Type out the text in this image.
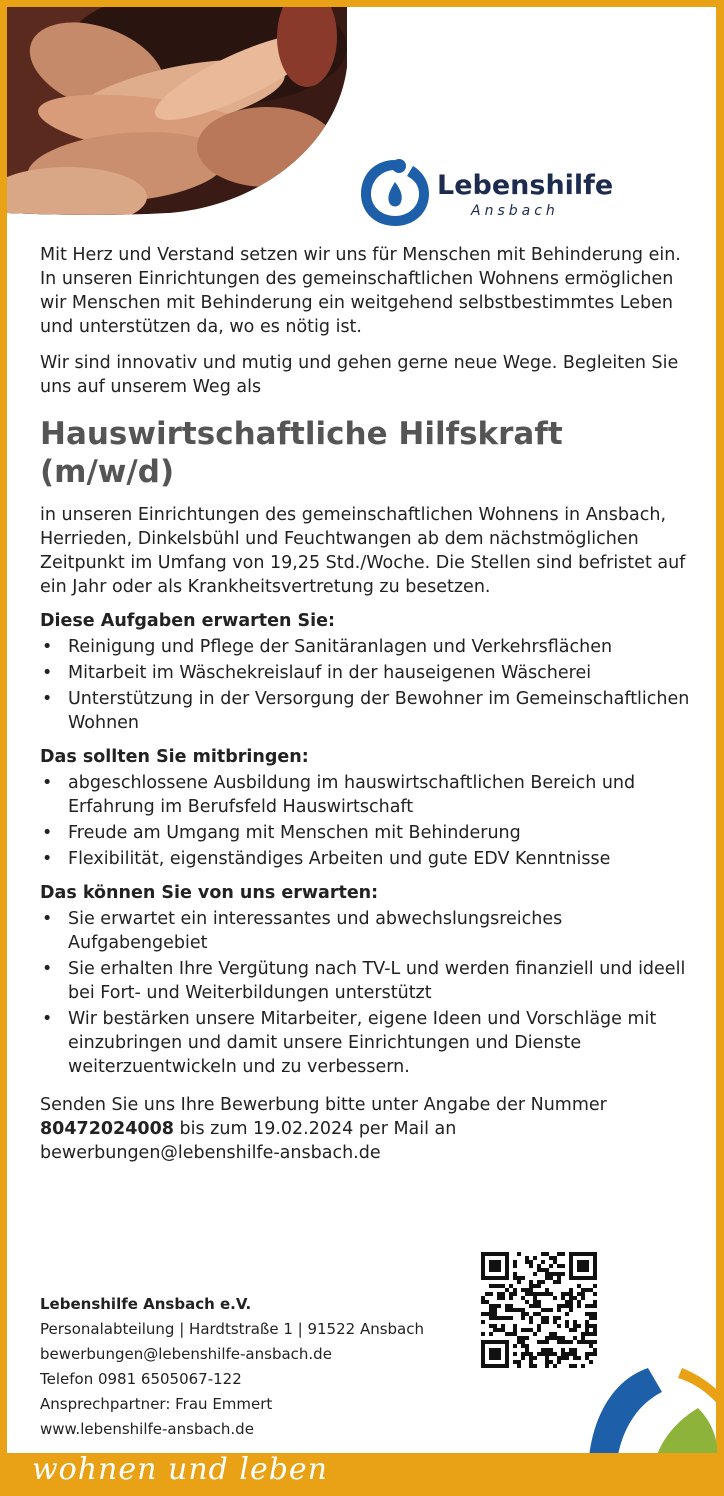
Lebenshilfe
Ansbach

Mit Herz und Verstand setzen wir uns für Menschen mit Behinderung ein. In unseren Einrichtungen des gemeinschaftlichen Wohnens ermöglichen wir Menschen mit Behinderung ein weitgehend selbstbestimmtes Leben und unterstützen da, wo es nötig ist.

Wir sind innovativ und mutig und gehen gerne neue Wege. Begleiten Sie uns auf unserem Weg als

Hauswirtschaftliche Hilfskraft (m/w/d)

in unseren Einrichtungen des gemeinschaftlichen Wohnens in Ansbach, Herrieden, Dinkelsbühl und Feuchtwangen ab dem nächstmöglichen Zeitpunkt im Umfang von 19,25 Std./Woche. Die Stellen sind befristet auf ein Jahr oder als Krankheitsvertretung zu besetzen.

Diese Aufgaben erwarten Sie:
• Reinigung und Pflege der Sanitäranlagen und Verkehrsflächen
• Mitarbeit im Wäschekreislauf in der hauseigenen Wäscherei
• Unterstützung in der Versorgung der Bewohner im Gemeinschaftlichen Wohnen
Das sollten Sie mitbringen:
• abgeschlossene Ausbildung im hauswirtschaftlichen Bereich und Erfahrung im Berufsfeld Hauswirtschaft
• Freude am Umgang mit Menschen mit Behinderung
• Flexibilität, eigenständiges Arbeiten und gute EDV Kenntnisse
Das können Sie von uns erwarten:
• Sie erwartet ein interessantes und abwechslungsreiches Aufgabengebiet
• Sie erhalten Ihre Vergütung nach TV-L und werden finanziell und ideell bei Fort- und Weiterbildungen unterstützt
• Wir bestärken unsere Mitarbeiter, eigene Ideen und Vorschläge mit einzubringen und damit unsere Einrichtungen und Dienste weiterzuentwickeln und zu verbessern.

Senden Sie uns Ihre Bewerbung bitte unter Angabe der Nummer
80472024008 bis zum 19.02.2024 per Mail an
bewerbungen@lebenshilfe-ansbach.de

Lebenshilfe Ansbach e.V.
Personalabteilung | Hardtstraße 1 | 91522 Ansbach
bewerbungen@lebenshilfe-ansbach.de
Telefon 0981 6505067-122
Ansprechpartner: Frau Emmert
www.lebenshilfe-ansbach.de
wohnen und leben
